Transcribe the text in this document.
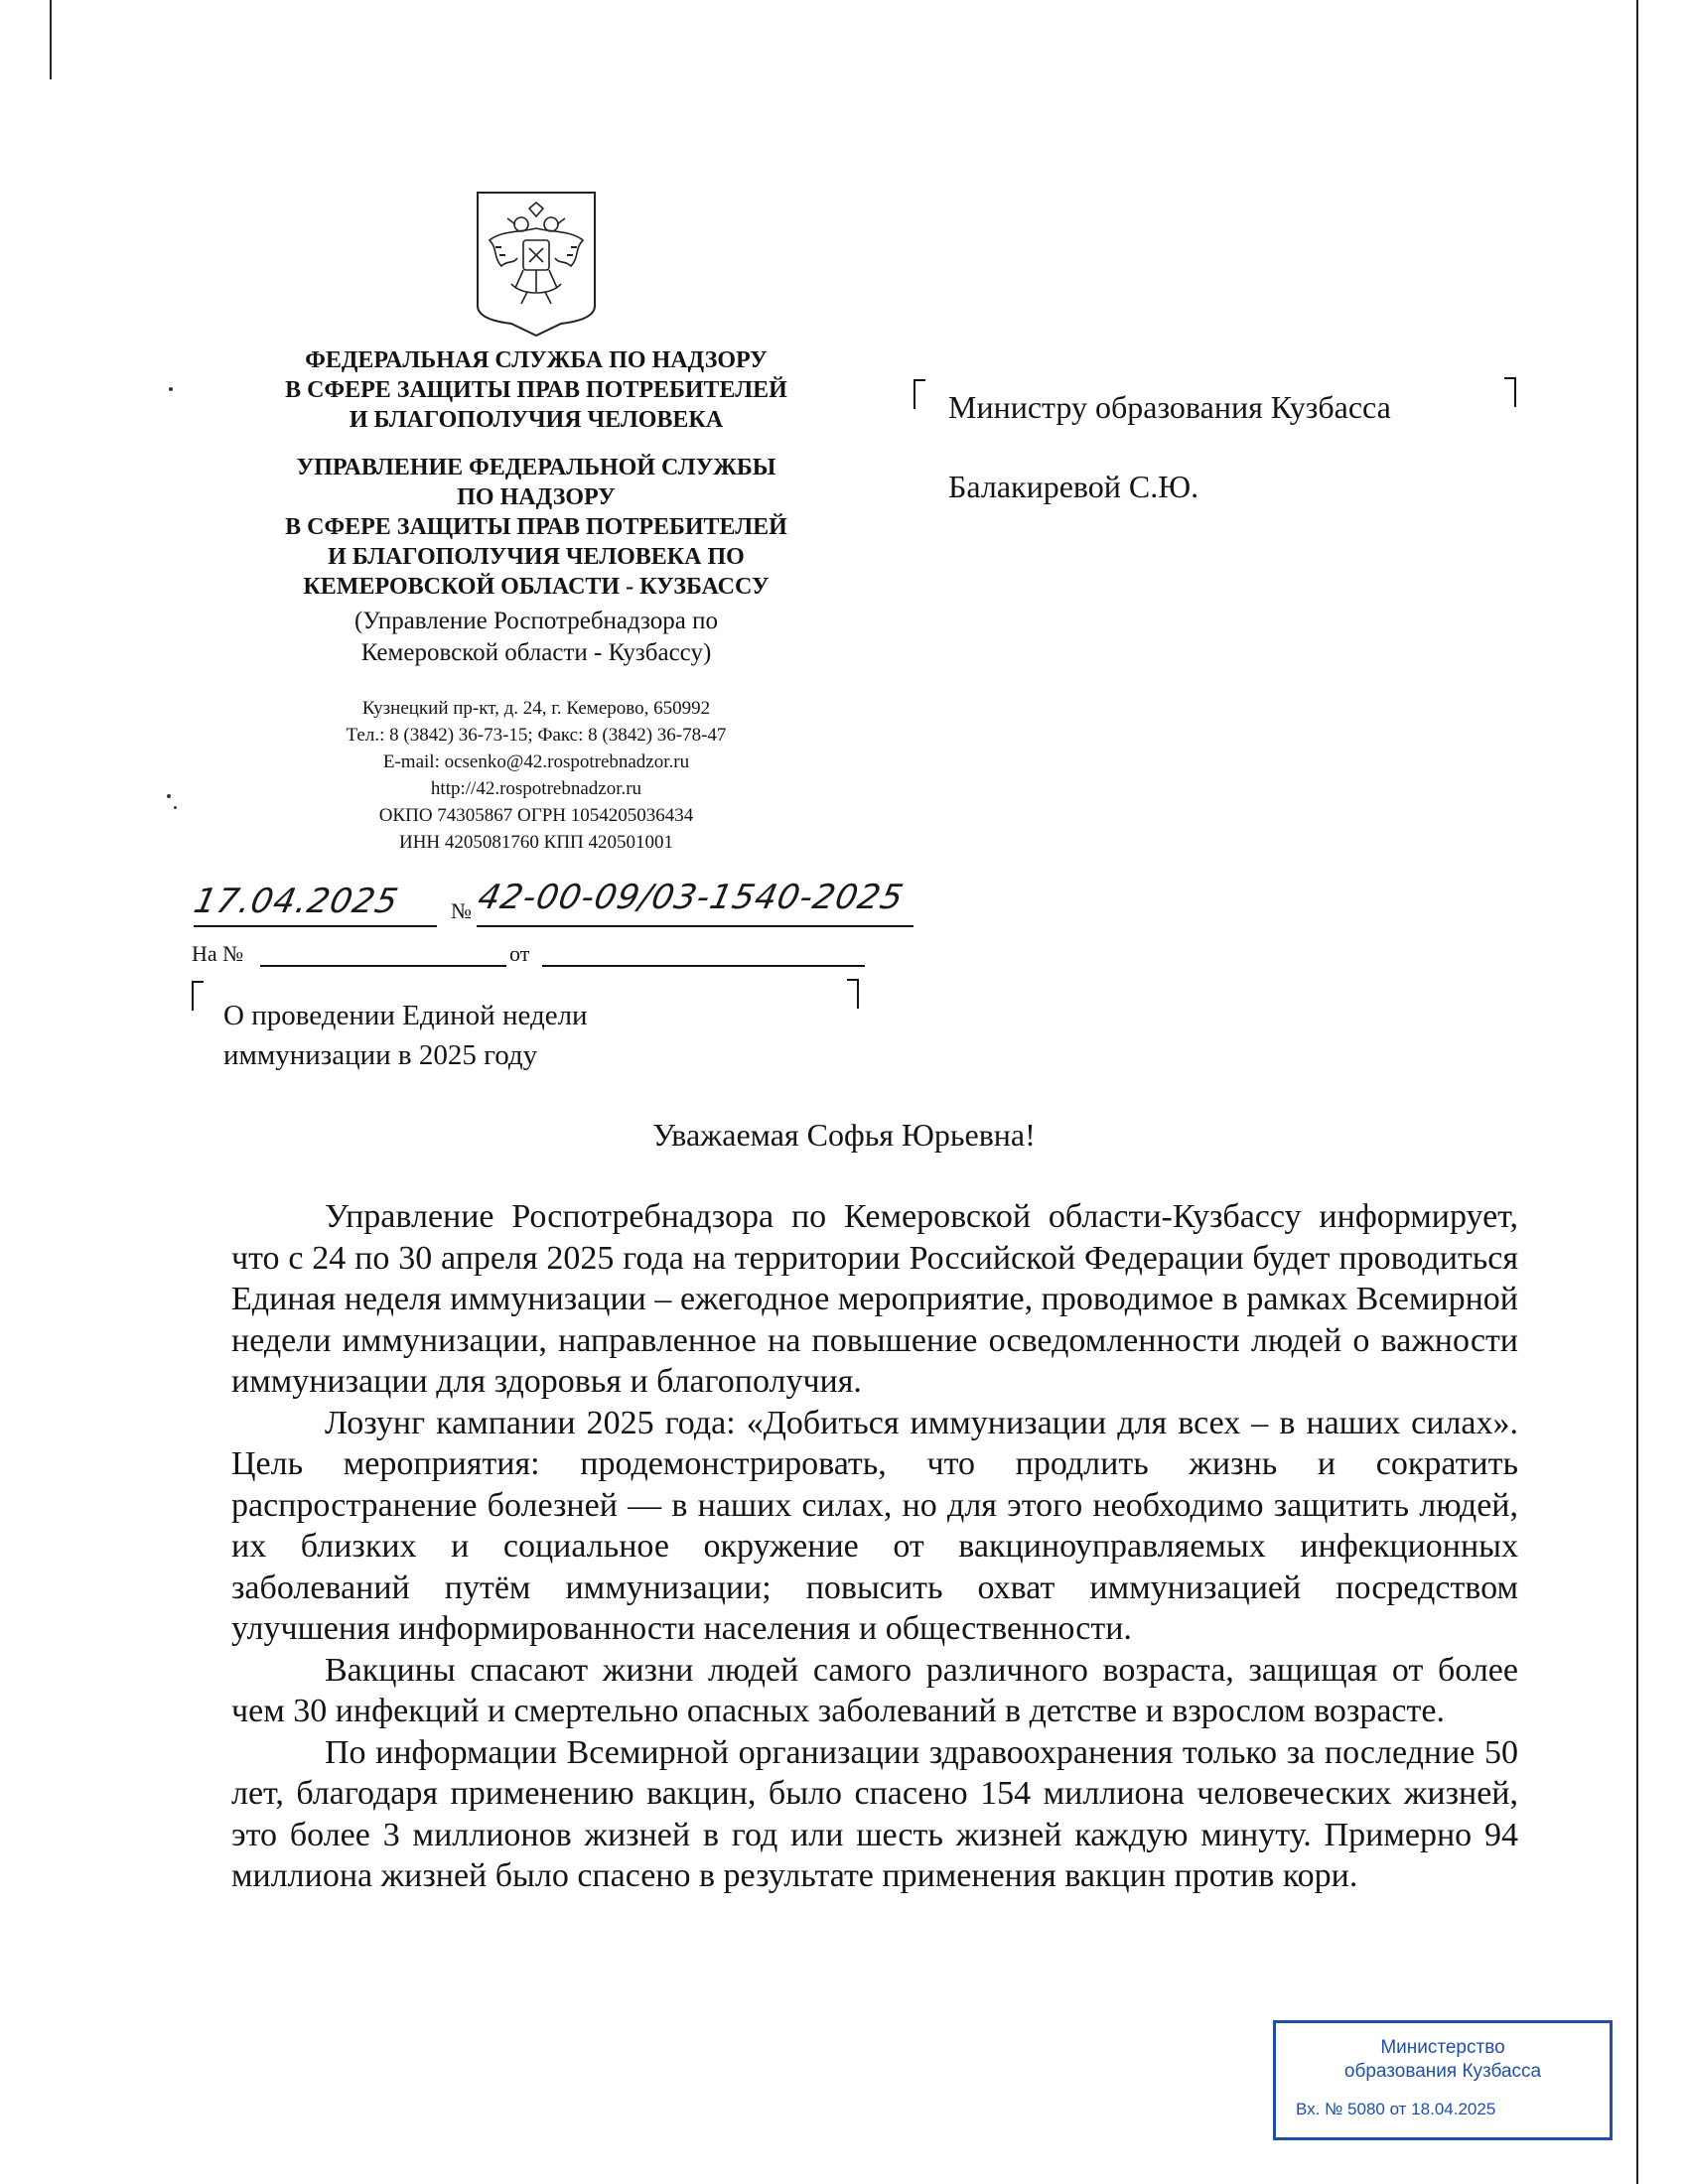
ФЕДЕРАЛЬНАЯ СЛУЖБА ПО НАДЗОРУ
В СФЕРЕ ЗАЩИТЫ ПРАВ ПОТРЕБИТЕЛЕЙ
И БЛАГОПОЛУЧИЯ ЧЕЛОВЕКА
УПРАВЛЕНИЕ ФЕДЕРАЛЬНОЙ СЛУЖБЫ
ПО НАДЗОРУ
В СФЕРЕ ЗАЩИТЫ ПРАВ ПОТРЕБИТЕЛЕЙ
И БЛАГОПОЛУЧИЯ ЧЕЛОВЕКА ПО
КЕМЕРОВСКОЙ ОБЛАСТИ - КУЗБАССУ
(Управление Роспотребнадзора по
Кемеровской области - Кузбассу)
Кузнецкий пр-кт, д. 24, г. Кемерово, 650992
Тел.: 8 (3842) 36-73-15; Факс: 8 (3842) 36-78-47
E-mail: ocsenko@42.rospotrebnadzor.ru
http://42.rospotrebnadzor.ru
ОКПО 74305867 ОГРН 1054205036434
ИНН 4205081760 КПП 420501001
Министру образования Кузбасса
Балакиревой С.Ю.
17.04.2025 № 42-00-09/03-1540-2025
На №	от
О проведении Единой недели
иммунизации в 2025 году
Уважаемая Софья Юрьевна!

Управление Роспотребнадзора по Кемеровской области-Кузбассу информирует, что с 24 по 30 апреля 2025 года на территории Российской Федерации будет проводиться Единая неделя иммунизации – ежегодное мероприятие, проводимое в рамках Всемирной недели иммунизации, направленное на повышение осведомленности людей о важности иммунизации для здоровья и благополучия.

Лозунг кампании 2025 года: «Добиться иммунизации для всех – в наших силах». Цель мероприятия: продемонстрировать, что продлить жизнь и сократить распространение болезней — в наших силах, но для этого необходимо защитить людей, их близких и социальное окружение от вакциноуправляемых инфекционных заболеваний путём иммунизации; повысить охват иммунизацией посредством улучшения информированности населения и общественности.

Вакцины спасают жизни людей самого различного возраста, защищая от более чем 30 инфекций и смертельно опасных заболеваний в детстве и взрослом возрасте.

По информации Всемирной организации здравоохранения только за последние 50 лет, благодаря применению вакцин, было спасено 154 миллиона человеческих жизней, это более 3 миллионов жизней в год или шесть жизней каждую минуту. Примерно 94 миллиона жизней было спасено в результате применения вакцин против кори.

Министерство
образования Кузбасса
Вх. № 5080 от 18.04.2025
